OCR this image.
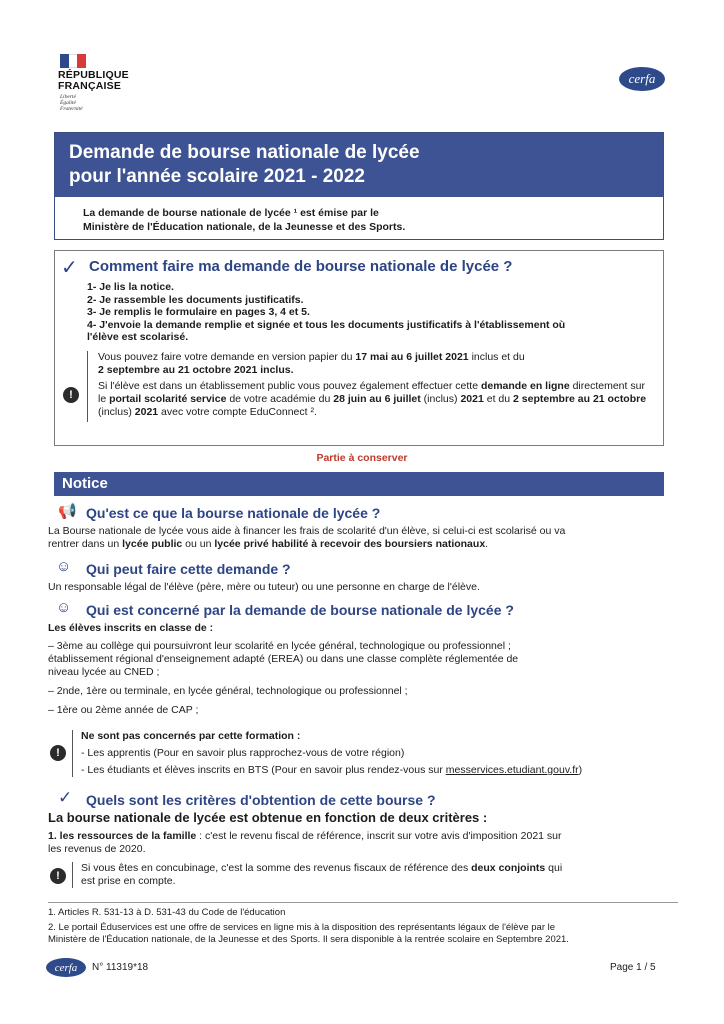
RÉPUBLIQUE
FRANÇAISE
Liberté
Égalité
Fraternité
cerfa
Demande de bourse nationale de lycée
pour l'année scolaire 2021 - 2022
La demande de bourse nationale de lycée ¹ est émise par le
Ministère de l'Éducation nationale, de la Jeunesse et des Sports.
✓ Comment faire ma demande de bourse nationale de lycée ?
1- Je lis la notice.
2- Je rassemble les documents justificatifs.
3- Je remplis le formulaire en pages 3, 4 et 5.
4- J'envoie la demande remplie et signée et tous les documents justificatifs à l'établissement où
l'élève est scolarisé.
!

Vous pouvez faire votre demande en version papier du 17 mai au 6 juillet 2021 inclus et du
2 septembre au 21 octobre 2021 inclus.

Si l'élève est dans un établissement public vous pouvez également effectuer cette demande en ligne directement sur le portail scolarité service de votre académie du 28 juin au 6 juillet (inclus) 2021 et du 2 septembre au 21 octobre (inclus) 2021 avec votre compte EduConnect ².

Partie à conserver
Notice
📢 Qu'est ce que la bourse nationale de lycée ?
La Bourse nationale de lycée vous aide à financer les frais de scolarité d'un élève, si celui-ci est scolarisé ou va
rentrer dans un lycée public ou un lycée privé habilité à recevoir des boursiers nationaux.
☺ Qui peut faire cette demande ?
Un responsable légal de l'élève (père, mère ou tuteur) ou une personne en charge de l'élève.
☺ Qui est concerné par la demande de bourse nationale de lycée ?
Les élèves inscrits en classe de :
– 3ème au collège qui poursuivront leur scolarité en lycée général, technologique ou professionnel ;
établissement régional d'enseignement adapté (EREA) ou dans une classe complète réglementée de
niveau lycée au CNED ;
– 2nde, 1ère ou terminale, en lycée général, technologique ou professionnel ;
– 1ère ou 2ème année de CAP ;
!
Ne sont pas concernés par cette formation :
- Les apprentis (Pour en savoir plus rapprochez-vous de votre région)
- Les étudiants et élèves inscrits en BTS (Pour en savoir plus rendez-vous sur messervices.etudiant.gouv.fr)
✓ Quels sont les critères d'obtention de cette bourse ?
La bourse nationale de lycée est obtenue en fonction de deux critères :
1. les ressources de la famille : c'est le revenu fiscal de référence, inscrit sur votre avis d'imposition 2021 sur
les revenus de 2020.
!
Si vous êtes en concubinage, c'est la somme des revenus fiscaux de référence des deux conjoints qui
est prise en compte.
1. Articles R. 531-13 à D. 531-43 du Code de l'éducation
2. Le portail Éduservices est une offre de services en ligne mis à la disposition des représentants légaux de l'élève par le
Ministère de l'Éducation nationale, de la Jeunesse et des Sports. Il sera disponible à la rentrée scolaire en Septembre 2021.
cerfa	N° 11319*18	Page 1 / 5
